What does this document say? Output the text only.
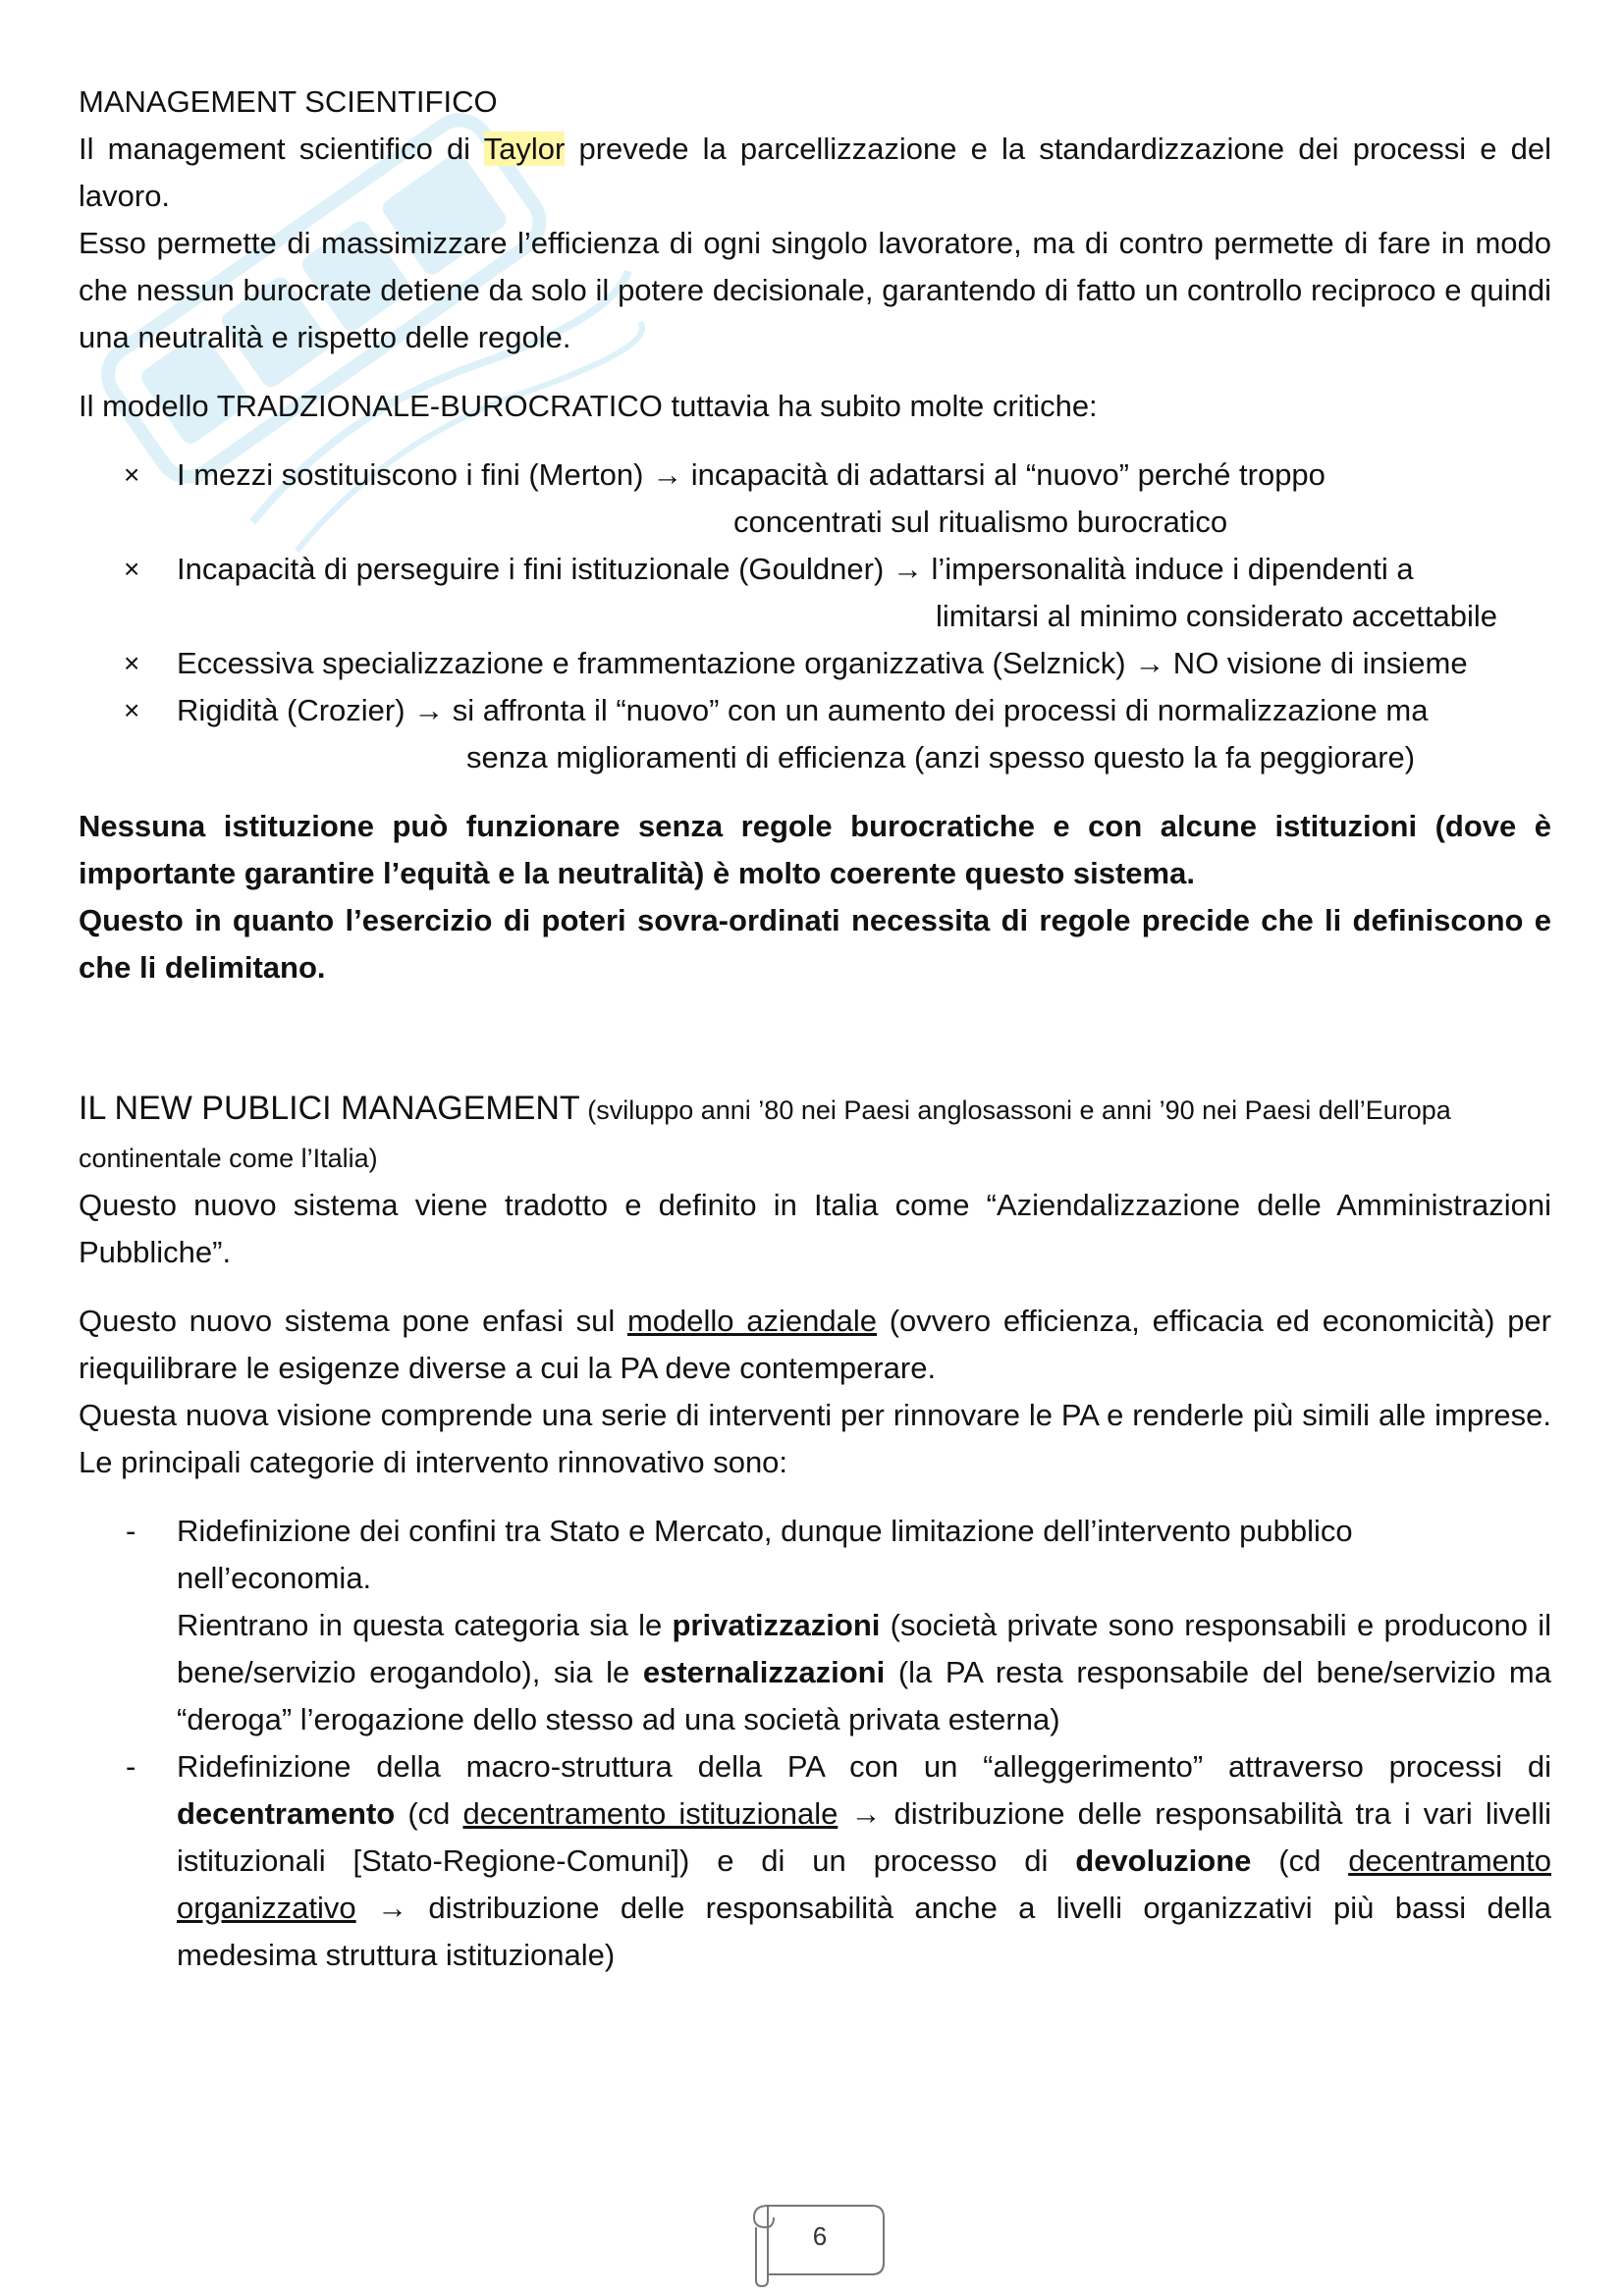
MANAGEMENT SCIENTIFICO

Il management scientifico di Taylor prevede la parcellizzazione e la standardizzazione dei processi e del lavoro.

Esso permette di massimizzare l’efficienza di ogni singolo lavoratore, ma di contro permette di fare in modo che nessun burocrate detiene da solo il potere decisionale, garantendo di fatto un controllo reciproco e quindi una neutralità e rispetto delle regole.

Il modello TRADZIONALE-BUROCRATICO tuttavia ha subito molte critiche:

× I mezzi sostituiscono i fini (Merton) → incapacità di adattarsi al “nuovo” perché troppo
concentrati sul ritualismo burocratico
× Incapacità di perseguire i fini istituzionale (Gouldner) → l’impersonalità induce i dipendenti a
limitarsi al minimo considerato accettabile
× Eccessiva specializzazione e frammentazione organizzativa (Selznick) → NO visione di insieme
× Rigidità (Crozier) → si affronta il “nuovo” con un aumento dei processi di normalizzazione ma
senza miglioramenti di efficienza (anzi spesso questo la fa peggiorare)

Nessuna istituzione può funzionare senza regole burocratiche e con alcune istituzioni (dove è importante garantire l’equità e la neutralità) è molto coerente questo sistema.

Questo in quanto l’esercizio di poteri sovra-ordinati necessita di regole precide che li definiscono e che li delimitano.

IL NEW PUBLICI MANAGEMENT (sviluppo anni ’80 nei Paesi anglosassoni e anni ’90 nei Paesi dell’Europa continentale come l’Italia)

Questo nuovo sistema viene tradotto e definito in Italia come “Aziendalizzazione delle Amministrazioni Pubbliche”.

Questo nuovo sistema pone enfasi sul modello aziendale (ovvero efficienza, efficacia ed economicità) per riequilibrare le esigenze diverse a cui la PA deve contemperare.

Questa nuova visione comprende una serie di interventi per rinnovare le PA e renderle più simili alle imprese. Le principali categorie di intervento rinnovativo sono:

- Ridefinizione dei confini tra Stato e Mercato, dunque limitazione dell’intervento pubblico nell’economia.
Rientrano in questa categoria sia le privatizzazioni (società private sono responsabili e producono il bene/servizio erogandolo), sia le esternalizzazioni (la PA resta responsabile del bene/servizio ma “deroga” l’erogazione dello stesso ad una società privata esterna)
- Ridefinizione della macro-struttura della PA con un “alleggerimento” attraverso processi di decentramento (cd decentramento istituzionale → distribuzione delle responsabilità tra i vari livelli istituzionali [Stato-Regione-Comuni]) e di un processo di devoluzione (cd decentramento organizzativo → distribuzione delle responsabilità anche a livelli organizzativi più bassi della medesima struttura istituzionale)
6
